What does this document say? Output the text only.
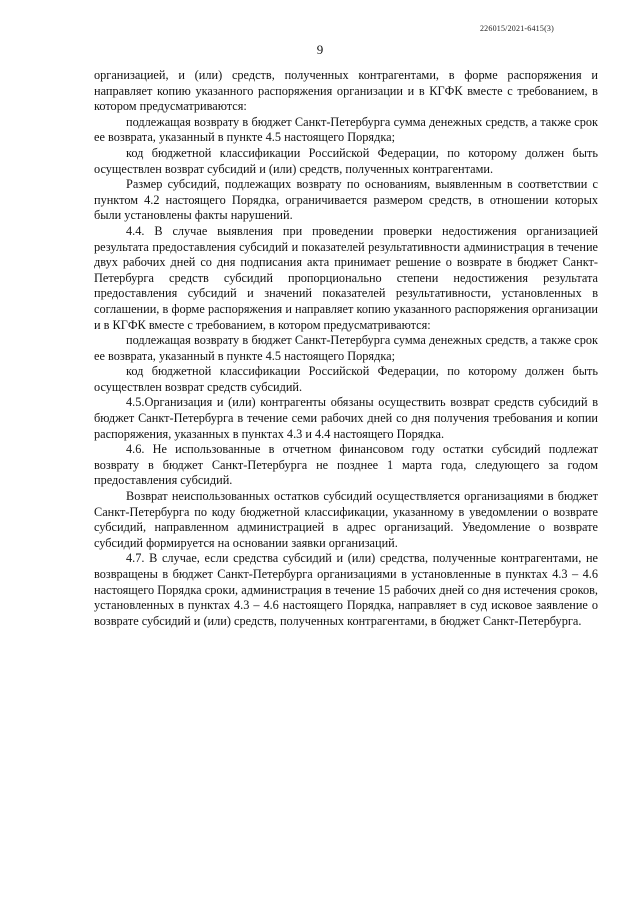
226015/2021-6415(3)
9

организацией, и (или) средств, полученных контрагентами, в форме распоряжения и направляет копию указанного распоряжения организации и в КГФК вместе с требованием, в котором предусматриваются:

подлежащая возврату в бюджет Санкт-Петербурга сумма денежных средств, а также срок ее возврата, указанный в пункте 4.5 настоящего Порядка;

код бюджетной классификации Российской Федерации, по которому должен быть осуществлен возврат субсидий и (или) средств, полученных контрагентами.

Размер субсидий, подлежащих возврату по основаниям, выявленным в соответствии с пунктом 4.2 настоящего Порядка, ограничивается размером средств, в отношении которых были установлены факты нарушений.

4.4. В случае выявления при проведении проверки недостижения организацией результата предоставления субсидий и показателей результативности администрация в течение двух рабочих дней со дня подписания акта принимает решение о возврате в бюджет Санкт-Петербурга средств субсидий пропорционально степени недостижения результата предоставления субсидий и значений показателей результативности, установленных в соглашении, в форме распоряжения и направляет копию указанного распоряжения организации и в КГФК вместе с требованием, в котором предусматриваются:

подлежащая возврату в бюджет Санкт-Петербурга сумма денежных средств, а также срок ее возврата, указанный в пункте 4.5 настоящего Порядка;

код бюджетной классификации Российской Федерации, по которому должен быть осуществлен возврат средств субсидий.

4.5.Организация и (или) контрагенты обязаны осуществить возврат средств субсидий в бюджет Санкт-Петербурга в течение семи рабочих дней со дня получения требования и копии распоряжения, указанных в пунктах 4.3 и 4.4 настоящего Порядка.

4.6. Не использованные в отчетном финансовом году остатки субсидий подлежат возврату в бюджет Санкт-Петербурга не позднее 1 марта года, следующего за годом предоставления субсидий.

Возврат неиспользованных остатков субсидий осуществляется организациями в бюджет Санкт-Петербурга по коду бюджетной классификации, указанному в уведомлении о возврате субсидий, направленном администрацией в адрес организаций. Уведомление о возврате субсидий формируется на основании заявки организаций.

4.7. В случае, если средства субсидий и (или) средства, полученные контрагентами, не возвращены в бюджет Санкт-Петербурга организациями в установленные в пунктах 4.3 – 4.6 настоящего Порядка сроки, администрация в течение 15 рабочих дней со дня истечения сроков, установленных в пунктах 4.3 – 4.6 настоящего Порядка, направляет в суд исковое заявление о возврате субсидий и (или) средств, полученных контрагентами, в бюджет Санкт-Петербурга.
